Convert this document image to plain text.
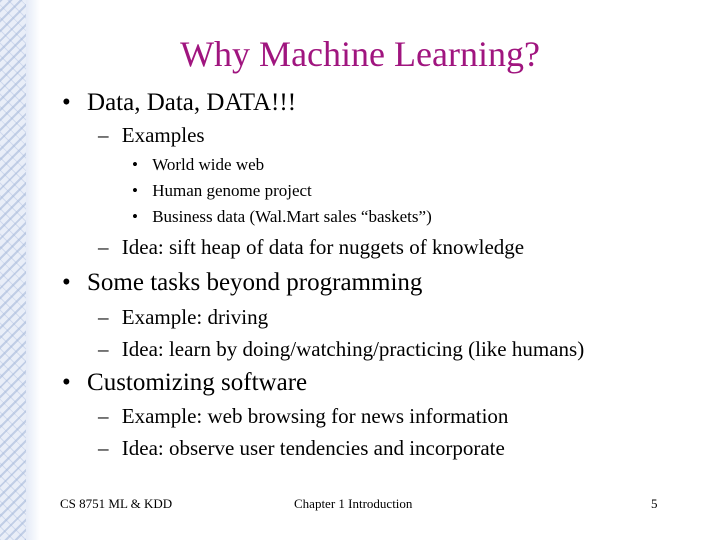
Why Machine Learning?
• Data, Data, DATA!!!
– Examples
• World wide web
• Human genome project
• Business data (Wal.Mart sales “baskets”)
– Idea: sift heap of data for nuggets of knowledge
• Some tasks beyond programming
– Example: driving
– Idea: learn by doing/watching/practicing (like humans)
• Customizing software
– Example: web browsing for news information
– Idea: observe user tendencies and incorporate
CS 8751 ML & KDD	Chapter 1 Introduction	5
